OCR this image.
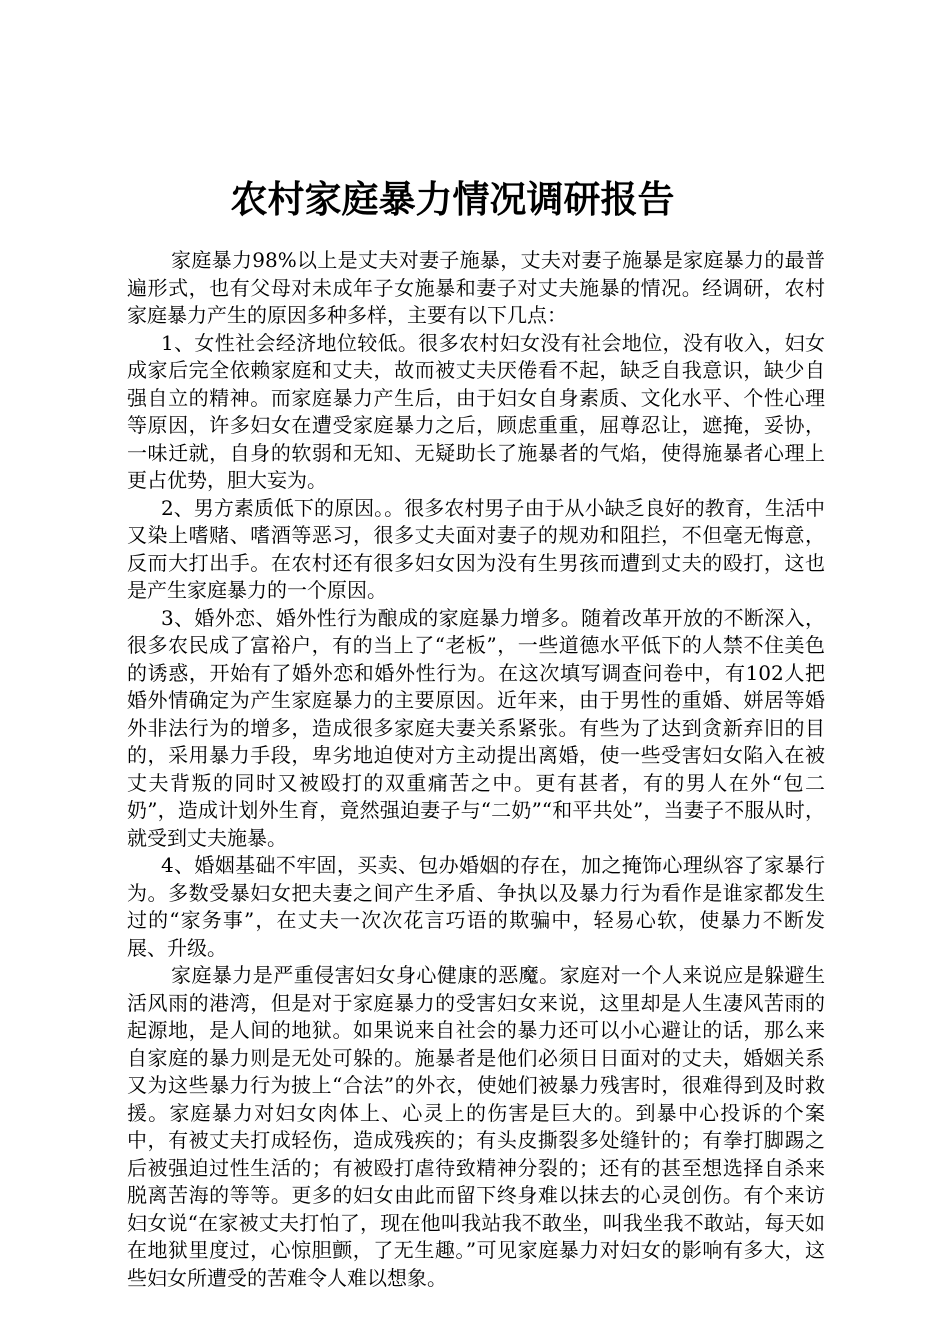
农村家庭暴力情况调研报告

家庭暴力98%以上是丈夫对妻子施暴，丈夫对妻子施暴是家庭暴力的最普遍形式，也有父母对未成年子女施暴和妻子对丈夫施暴的情况。经调研，农村家庭暴力产生的原因多种多样，主要有以下几点：

1、女性社会经济地位较低。很多农村妇女没有社会地位，没有收入，妇女成家后完全依赖家庭和丈夫，故而被丈夫厌倦看不起，缺乏自我意识，缺少自强自立的精神。而家庭暴力产生后，由于妇女自身素质、文化水平、个性心理等原因，许多妇女在遭受家庭暴力之后，顾虑重重，屈尊忍让，遮掩，妥协，一味迁就，自身的软弱和无知、无疑助长了施暴者的气焰，使得施暴者心理上更占优势，胆大妄为。

2、男方素质低下的原因。。很多农村男子由于从小缺乏良好的教育，生活中又染上嗜赌、嗜酒等恶习，很多丈夫面对妻子的规劝和阻拦，不但毫无悔意，反而大打出手。在农村还有很多妇女因为没有生男孩而遭到丈夫的殴打，这也是产生家庭暴力的一个原因。

3、婚外恋、婚外性行为酿成的家庭暴力增多。随着改革开放的不断深入，很多农民成了富裕户，有的当上了“老板”，一些道德水平低下的人禁不住美色的诱惑，开始有了婚外恋和婚外性行为。在这次填写调查问卷中，有102人把婚外情确定为产生家庭暴力的主要原因。近年来，由于男性的重婚、姘居等婚外非法行为的增多，造成很多家庭夫妻关系紧张。有些为了达到贪新弃旧的目的，采用暴力手段，卑劣地迫使对方主动提出离婚，使一些受害妇女陷入在被丈夫背叛的同时又被殴打的双重痛苦之中。更有甚者，有的男人在外“包二奶”，造成计划外生育，竟然强迫妻子与“二奶”“和平共处”，当妻子不服从时，就受到丈夫施暴。

4、婚姻基础不牢固，买卖、包办婚姻的存在，加之掩饰心理纵容了家暴行为。多数受暴妇女把夫妻之间产生矛盾、争执以及暴力行为看作是谁家都发生过的“家务事”，在丈夫一次次花言巧语的欺骗中，轻易心软，使暴力不断发展、升级。

家庭暴力是严重侵害妇女身心健康的恶魔。家庭对一个人来说应是躲避生活风雨的港湾，但是对于家庭暴力的受害妇女来说，这里却是人生凄风苦雨的起源地，是人间的地狱。如果说来自社会的暴力还可以小心避让的话，那么来自家庭的暴力则是无处可躲的。施暴者是他们必须日日面对的丈夫，婚姻关系又为这些暴力行为披上“合法”的外衣，使她们被暴力残害时，很难得到及时救援。家庭暴力对妇女肉体上、心灵上的伤害是巨大的。到暴中心投诉的个案中，有被丈夫打成轻伤，造成残疾的；有头皮撕裂多处缝针的；有拳打脚踢之后被强迫过性生活的；有被殴打虐待致精神分裂的；还有的甚至想选择自杀来脱离苦海的等等。更多的妇女由此而留下终身难以抹去的心灵创伤。有个来访妇女说“在家被丈夫打怕了，现在他叫我站我不敢坐，叫我坐我不敢站，每天如在地狱里度过，心惊胆颤，了无生趣。”可见家庭暴力对妇女的影响有多大，这些妇女所遭受的苦难令人难以想象。
